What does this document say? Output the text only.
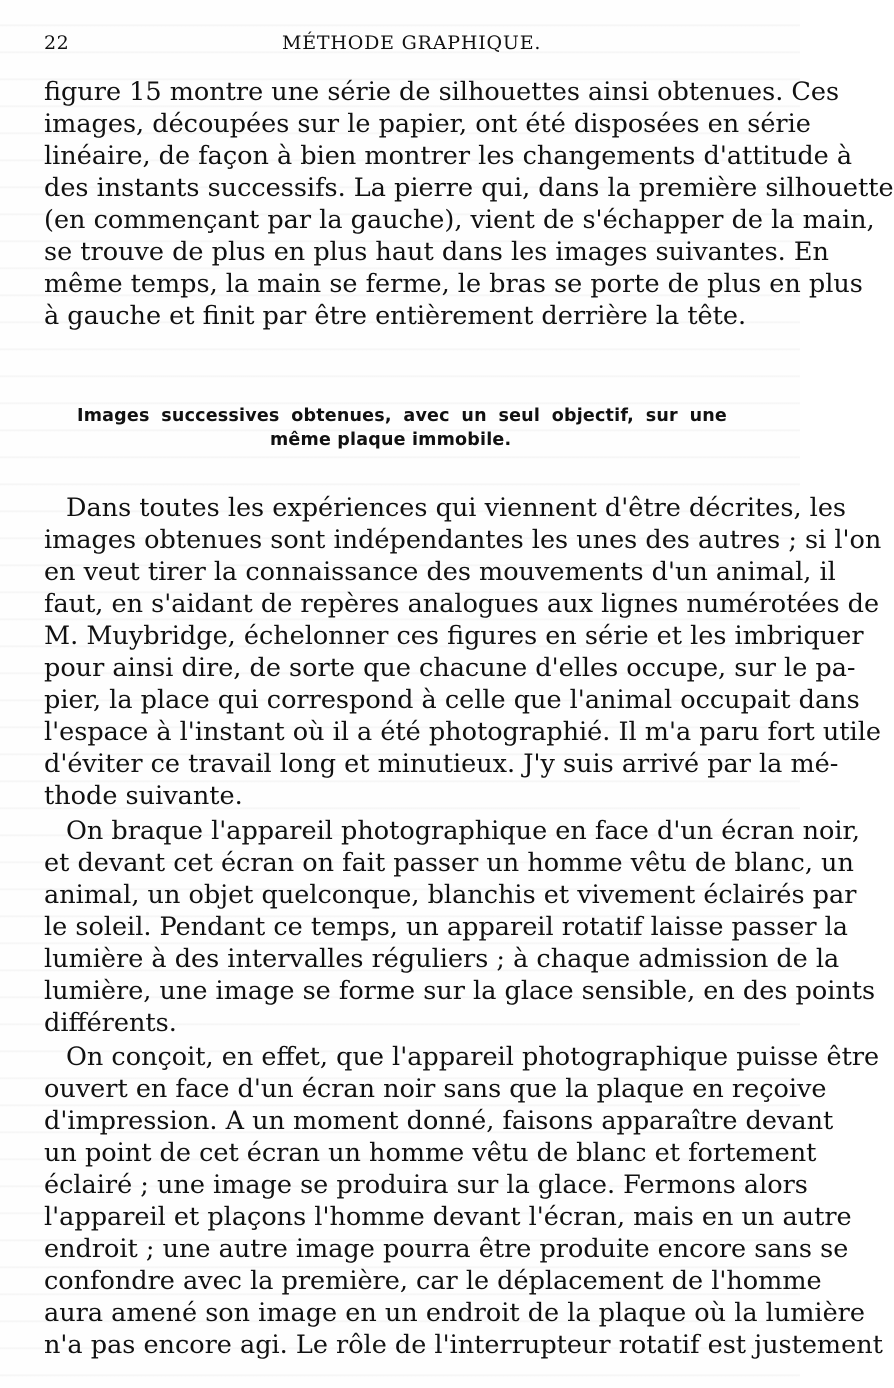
22	MÉTHODE GRAPHIQUE.
figure 15 montre une série de silhouettes ainsi obtenues. Ces
images, découpées sur le papier, ont été disposées en série
linéaire, de façon à bien montrer les changements d'attitude à
des instants successifs. La pierre qui, dans la première silhouette
(en commençant par la gauche), vient de s'échapper de la main,
se trouve de plus en plus haut dans les images suivantes. En
même temps, la main se ferme, le bras se porte de plus en plus
à gauche et finit par être entièrement derrière la tête.
Images successives obtenues, avec un seul objectif, sur une
même plaque immobile.
Dans toutes les expériences qui viennent d'être décrites, les
images obtenues sont indépendantes les unes des autres ; si l'on
en veut tirer la connaissance des mouvements d'un animal, il
faut, en s'aidant de repères analogues aux lignes numérotées de
M. Muybridge, échelonner ces figures en série et les imbriquer
pour ainsi dire, de sorte que chacune d'elles occupe, sur le pa-
pier, la place qui correspond à celle que l'animal occupait dans
l'espace à l'instant où il a été photographié. Il m'a paru fort utile
d'éviter ce travail long et minutieux. J'y suis arrivé par la mé-
thode suivante.
On braque l'appareil photographique en face d'un écran noir,
et devant cet écran on fait passer un homme vêtu de blanc, un
animal, un objet quelconque, blanchis et vivement éclairés par
le soleil. Pendant ce temps, un appareil rotatif laisse passer la
lumière à des intervalles réguliers ; à chaque admission de la
lumière, une image se forme sur la glace sensible, en des points
différents.
On conçoit, en effet, que l'appareil photographique puisse être
ouvert en face d'un écran noir sans que la plaque en reçoive
d'impression. A un moment donné, faisons apparaître devant
un point de cet écran un homme vêtu de blanc et fortement
éclairé ; une image se produira sur la glace. Fermons alors
l'appareil et plaçons l'homme devant l'écran, mais en un autre
endroit ; une autre image pourra être produite encore sans se
confondre avec la première, car le déplacement de l'homme
aura amené son image en un endroit de la plaque où la lumière
n'a pas encore agi. Le rôle de l'interrupteur rotatif est justement
